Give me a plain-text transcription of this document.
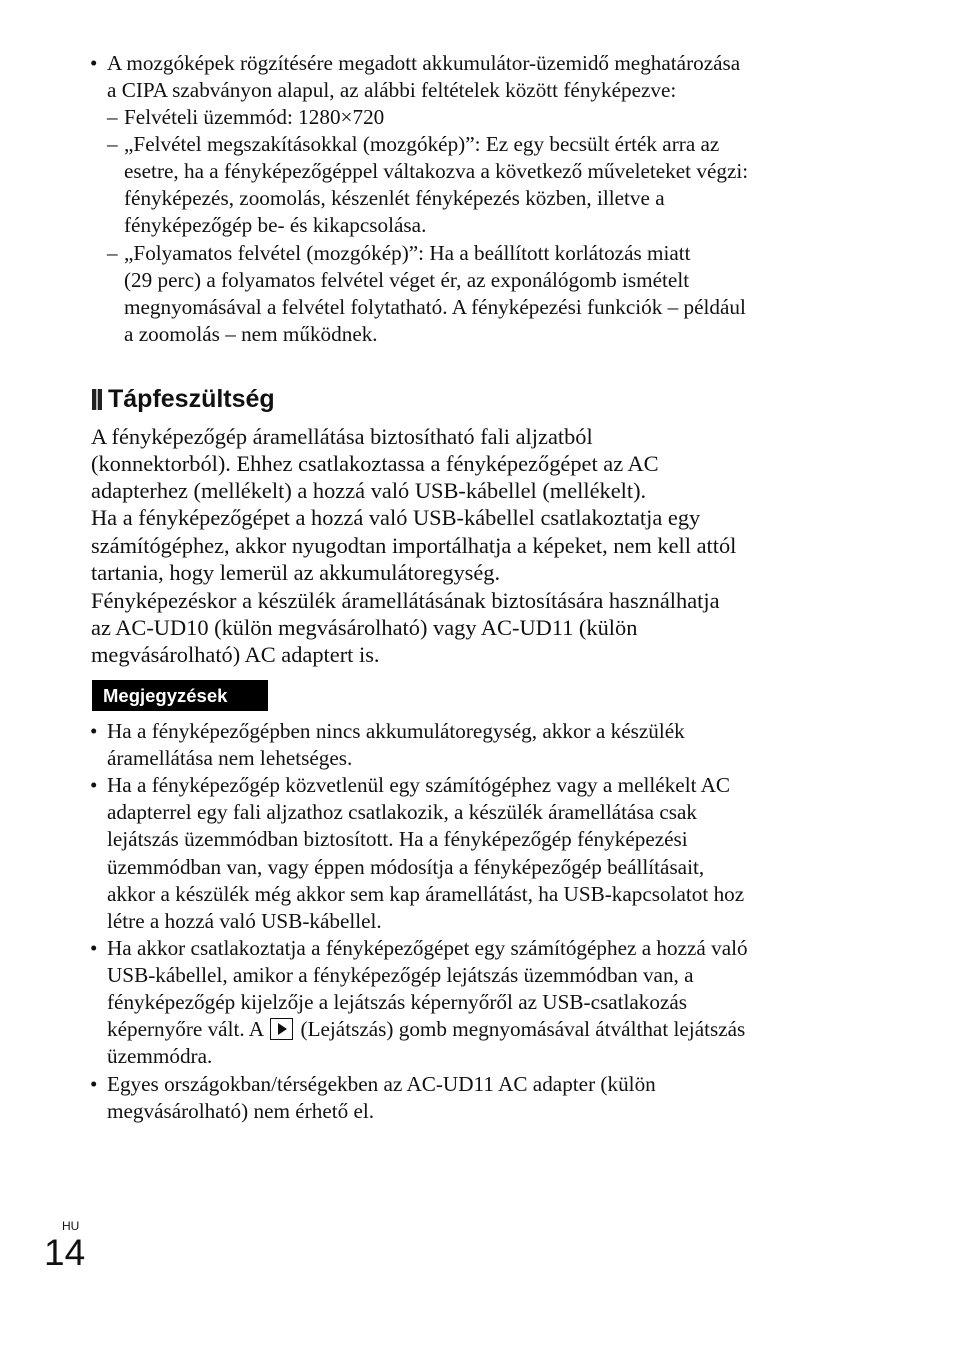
• A mozgóképek rögzítésére megadott akkumulátor-üzemidő meghatározása
a CIPA szabványon alapul, az alábbi feltételek között fényképezve:
– Felvételi üzemmód: 1280×720
– „Felvétel megszakításokkal (mozgókép)”: Ez egy becsült érték arra az
esetre, ha a fényképezőgéppel váltakozva a következő műveleteket végzi:
fényképezés, zoomolás, készenlét fényképezés közben, illetve a
fényképezőgép be- és kikapcsolása.
– „Folyamatos felvétel (mozgókép)”: Ha a beállított korlátozás miatt
(29 perc) a folyamatos felvétel véget ér, az exponálógomb ismételt
megnyomásával a felvétel folytatható. A fényképezési funkciók – például
a zoomolás – nem működnek.
Tápfeszültség
A fényképezőgép áramellátása biztosítható fali aljzatból
(konnektorból). Ehhez csatlakoztassa a fényképezőgépet az AC
adapterhez (mellékelt) a hozzá való USB-kábellel (mellékelt).
Ha a fényképezőgépet a hozzá való USB-kábellel csatlakoztatja egy
számítógéphez, akkor nyugodtan importálhatja a képeket, nem kell attól
tartania, hogy lemerül az akkumulátoregység.
Fényképezéskor a készülék áramellátásának biztosítására használhatja
az AC-UD10 (külön megvásárolható) vagy AC-UD11 (külön
megvásárolható) AC adaptert is.
Megjegyzések
• Ha a fényképezőgépben nincs akkumulátoregység, akkor a készülék
áramellátása nem lehetséges.
• Ha a fényképezőgép közvetlenül egy számítógéphez vagy a mellékelt AC
adapterrel egy fali aljzathoz csatlakozik, a készülék áramellátása csak
lejátszás üzemmódban biztosított. Ha a fényképezőgép fényképezési
üzemmódban van, vagy éppen módosítja a fényképezőgép beállításait,
akkor a készülék még akkor sem kap áramellátást, ha USB-kapcsolatot hoz
létre a hozzá való USB-kábellel.
• Ha akkor csatlakoztatja a fényképezőgépet egy számítógéphez a hozzá való
USB-kábellel, amikor a fényképezőgép lejátszás üzemmódban van, a
fényképezőgép kijelzője a lejátszás képernyőről az USB-csatlakozás
képernyőre vált. A (Lejátszás) gomb megnyomásával átválthat lejátszás
üzemmódra.
• Egyes országokban/térségekben az AC-UD11 AC adapter (külön
megvásárolható) nem érhető el.
HU
14
